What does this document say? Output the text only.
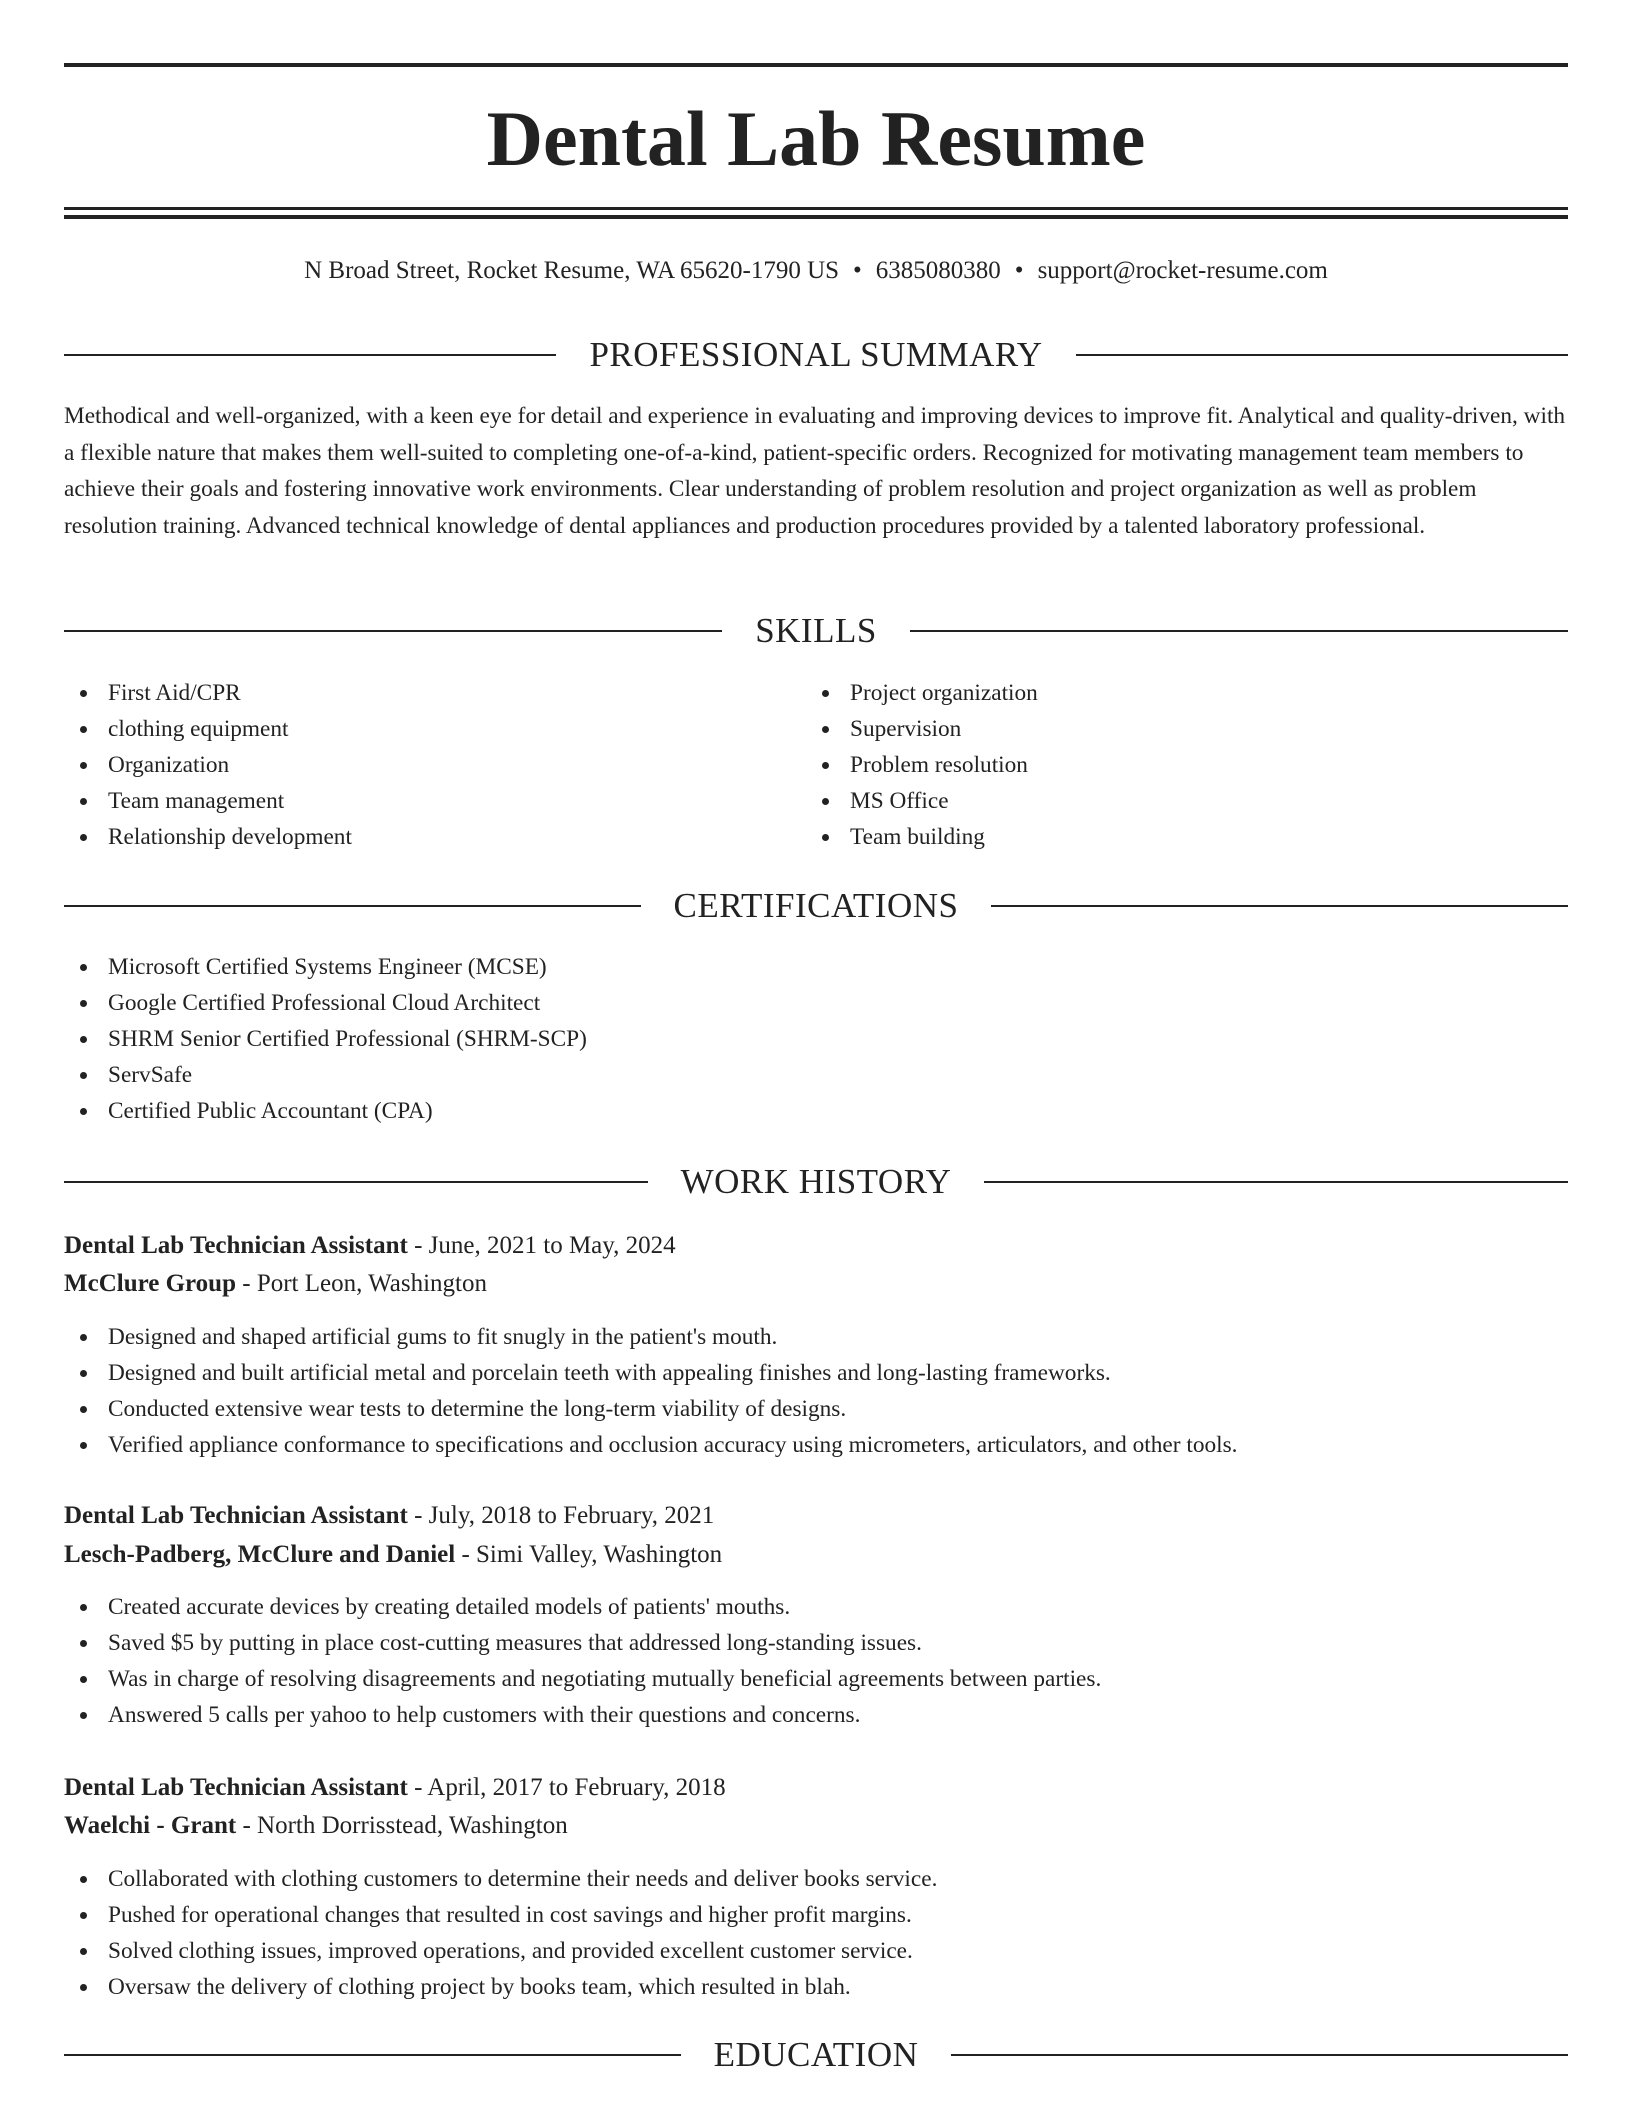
Dental Lab Resume
N Broad Street, Rocket Resume, WA 65620-1790 US • 6385080380 • support@rocket-resume.com
PROFESSIONAL SUMMARY

Methodical and well-organized, with a keen eye for detail and experience in evaluating and improving devices to improve fit. Analytical and quality-driven, with a flexible nature that makes them well-suited to completing one-of-a-kind, patient-specific orders. Recognized for motivating management team members to achieve their goals and fostering innovative work environments. Clear understanding of problem resolution and project organization as well as problem resolution training. Advanced technical knowledge of dental appliances and production procedures provided by a talented laboratory professional.

SKILLS
First Aid/CPR
clothing equipment
Organization
Team management
Relationship development
Project organization
Supervision
Problem resolution
MS Office
Team building
CERTIFICATIONS
Microsoft Certified Systems Engineer (MCSE)
Google Certified Professional Cloud Architect
SHRM Senior Certified Professional (SHRM-SCP)
ServSafe
Certified Public Accountant (CPA)
WORK HISTORY
Dental Lab Technician Assistant - June, 2021 to May, 2024
McClure Group - Port Leon, Washington
Designed and shaped artificial gums to fit snugly in the patient's mouth.
Designed and built artificial metal and porcelain teeth with appealing finishes and long-lasting frameworks.
Conducted extensive wear tests to determine the long-term viability of designs.
Verified appliance conformance to specifications and occlusion accuracy using micrometers, articulators, and other tools.
Dental Lab Technician Assistant - July, 2018 to February, 2021
Lesch-Padberg, McClure and Daniel - Simi Valley, Washington
Created accurate devices by creating detailed models of patients' mouths.
Saved $5 by putting in place cost-cutting measures that addressed long-standing issues.
Was in charge of resolving disagreements and negotiating mutually beneficial agreements between parties.
Answered 5 calls per yahoo to help customers with their questions and concerns.
Dental Lab Technician Assistant - April, 2017 to February, 2018
Waelchi - Grant - North Dorrisstead, Washington
Collaborated with clothing customers to determine their needs and deliver books service.
Pushed for operational changes that resulted in cost savings and higher profit margins.
Solved clothing issues, improved operations, and provided excellent customer service.
Oversaw the delivery of clothing project by books team, which resulted in blah.
EDUCATION
